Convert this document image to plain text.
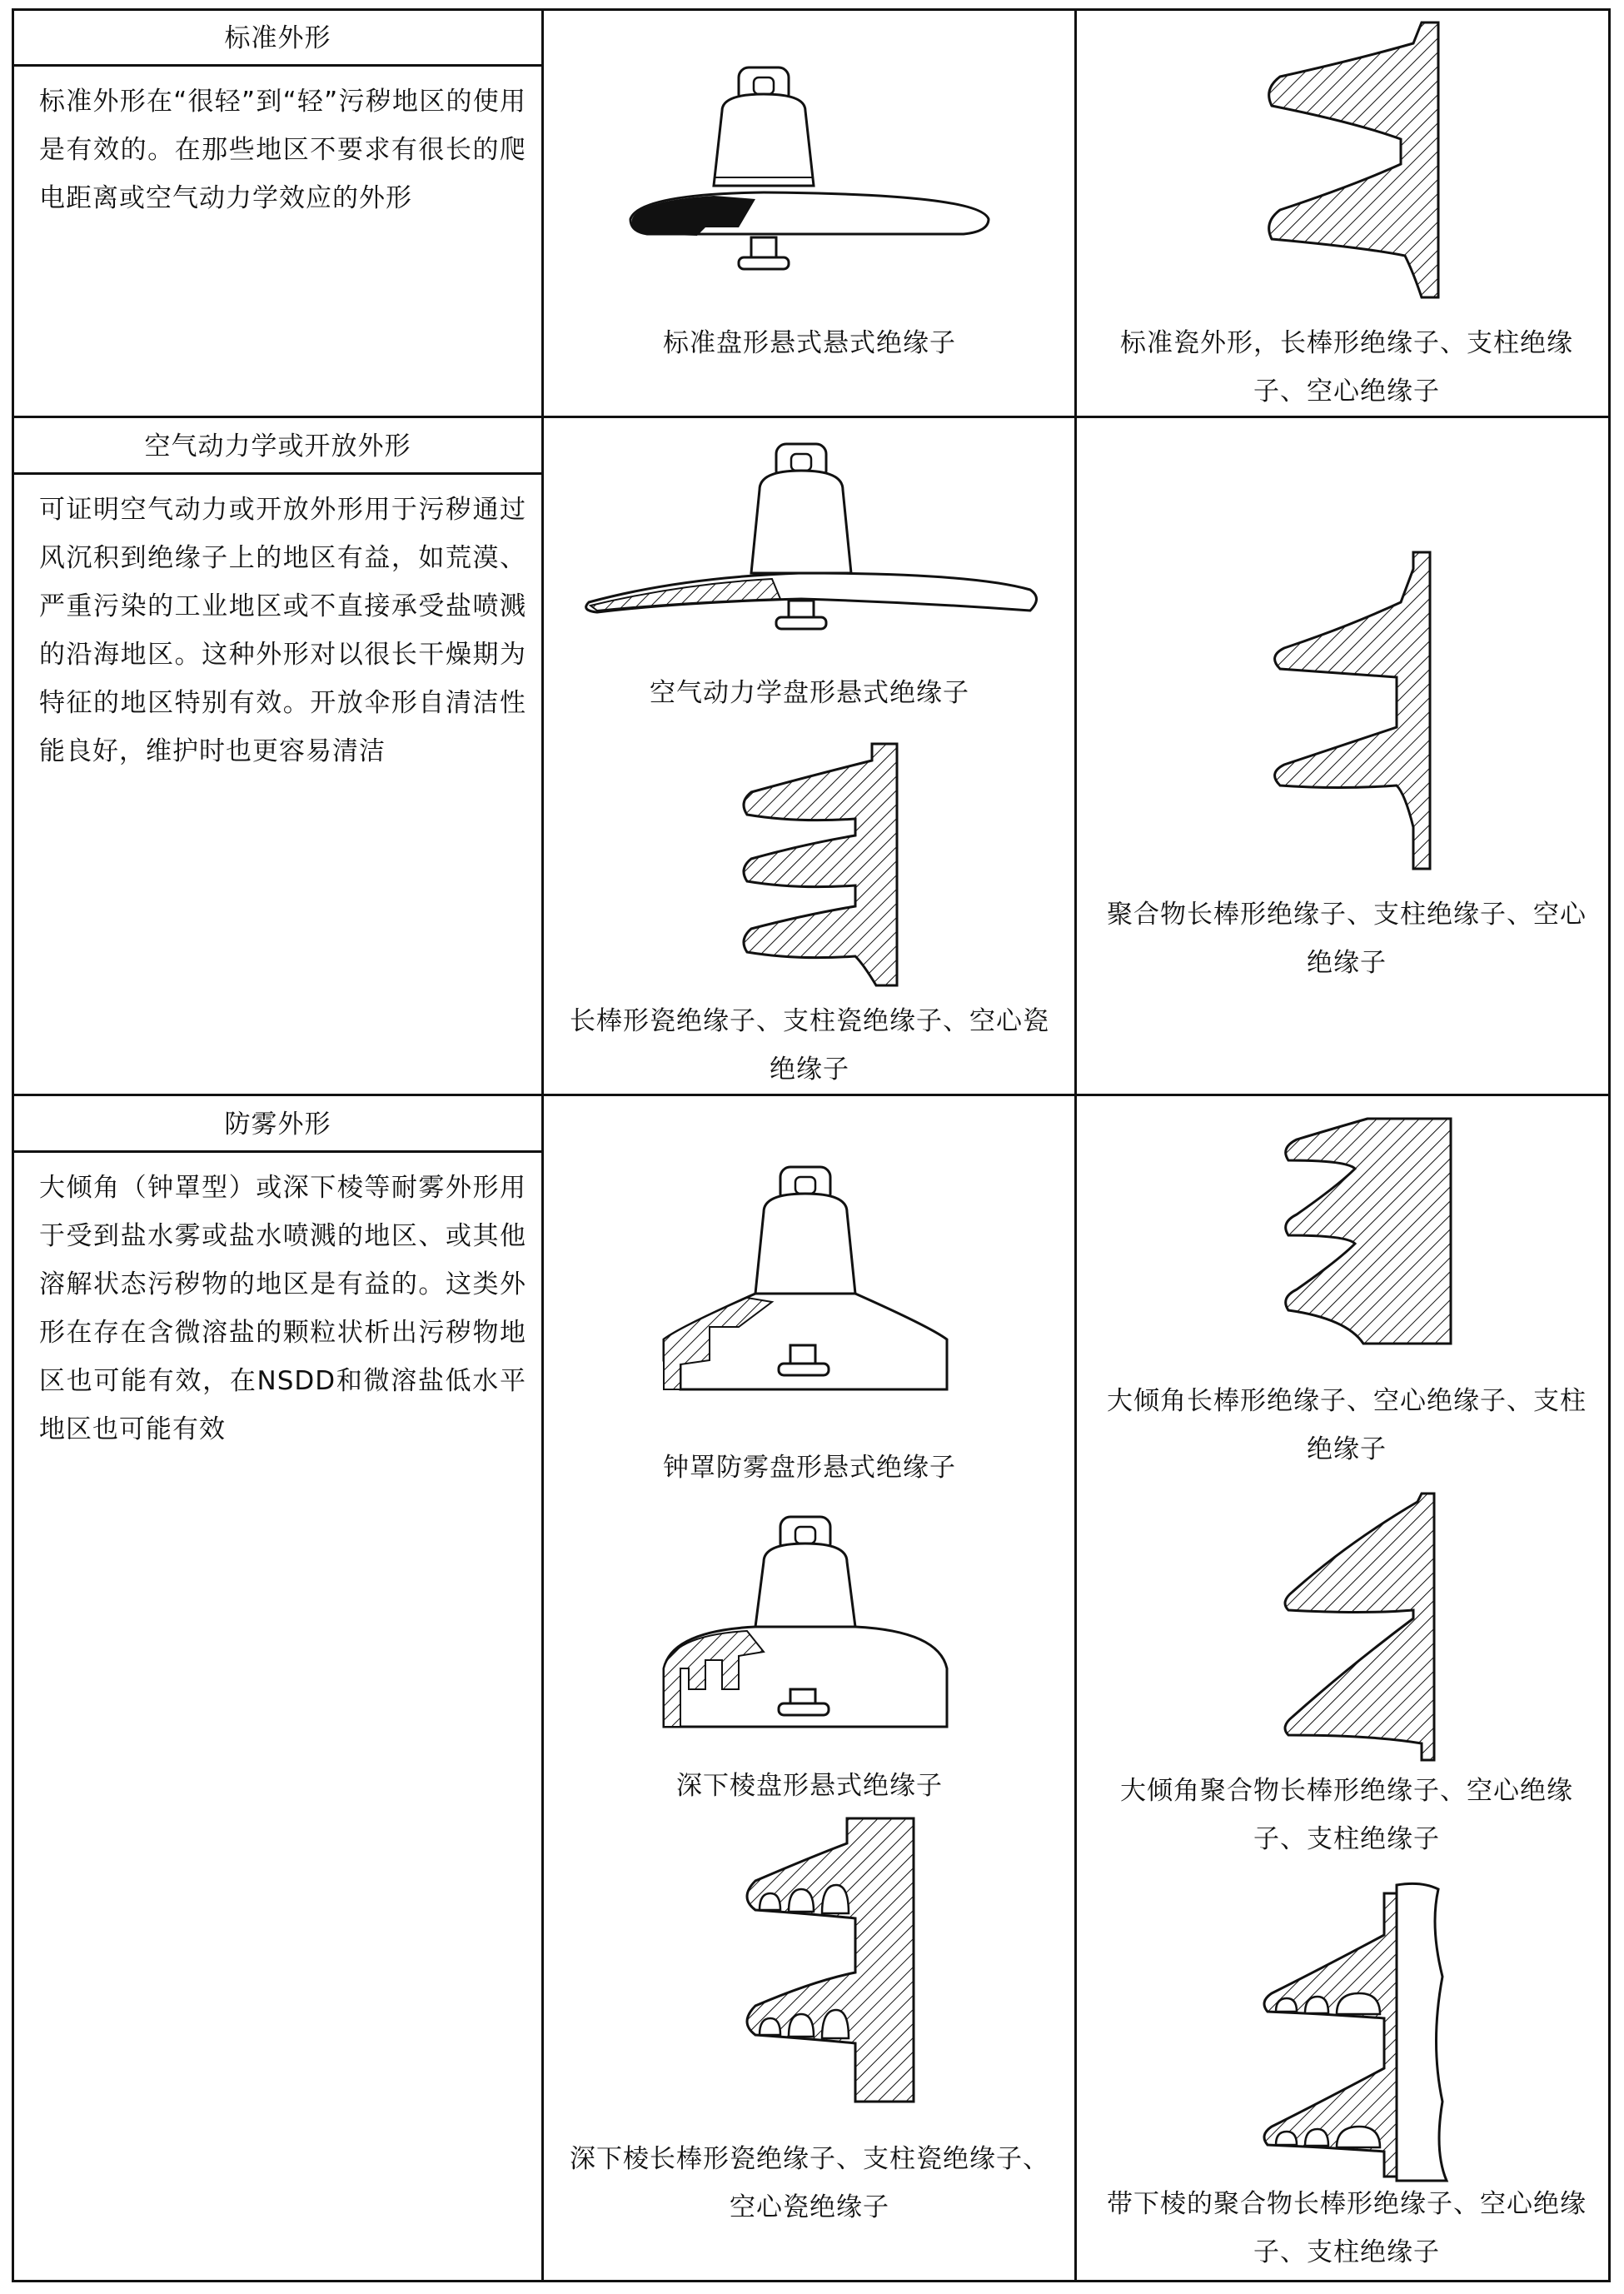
标准外形
标准外形在“很轻”到“轻”污秽地区的使用是有效的。在那些地区不要求有很长的爬电距离或空气动力学效应的外形
空气动力学或开放外形
可证明空气动力或开放外形用于污秽通过风沉积到绝缘子上的地区有益，如荒漠、严重污染的工业地区或不直接承受盐喷溅的沿海地区。这种外形对以很长干燥期为特征的地区特别有效。开放伞形自清洁性能良好，维护时也更容易清洁
防雾外形
大倾角（钟罩型）或深下棱等耐雾外形用于受到盐水雾或盐水喷溅的地区、或其他溶解状态污秽物的地区是有益的。这类外形在存在含微溶盐的颗粒状析出污秽物地区也可能有效，在NSDD和微溶盐低水平地区也可能有效
标准盘形悬式悬式绝缘子	标准瓷外形，长棒形绝缘子、支柱绝缘子、空心绝缘子
空气动力学盘形悬式绝缘子
长棒形瓷绝缘子、支柱瓷绝缘子、空心瓷绝缘子
聚合物长棒形绝缘子、支柱绝缘子、空心绝缘子
钟罩防雾盘形悬式绝缘子
深下棱盘形悬式绝缘子
深下棱长棒形瓷绝缘子、支柱瓷绝缘子、空心瓷绝缘子
大倾角长棒形绝缘子、空心绝缘子、支柱绝缘子
大倾角聚合物长棒形绝缘子、空心绝缘子、支柱绝缘子
带下棱的聚合物长棒形绝缘子、空心绝缘子、支柱绝缘子
